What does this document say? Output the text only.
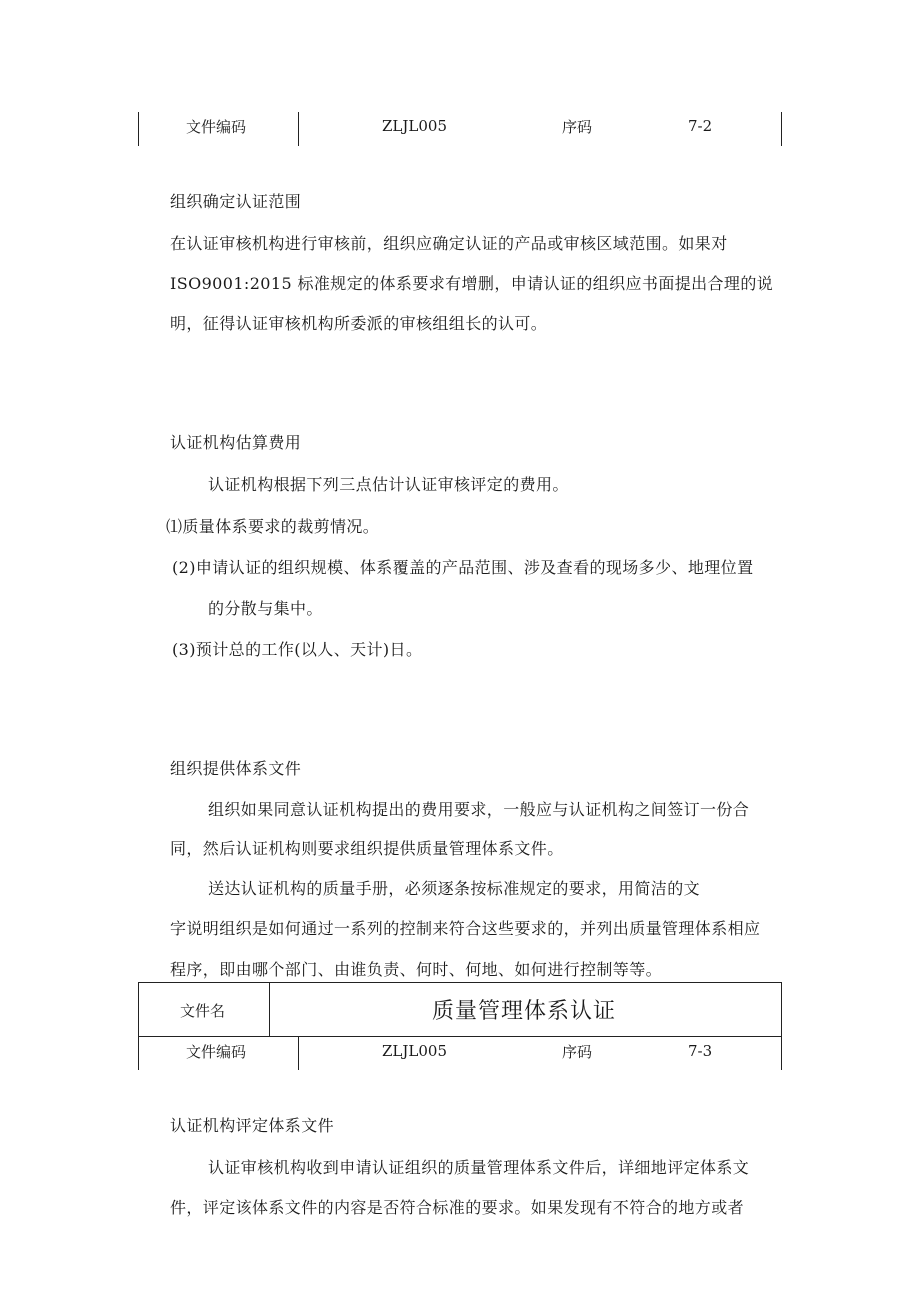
文件编码	ZLJL005	序码	7-2
组织确定认证范围
在认证审核机构进行审核前，组织应确定认证的产品或审核区域范围。如果对
ISO9001:2015 标准规定的体系要求有增删，申请认证的组织应书面提出合理的说
明，征得认证审核机构所委派的审核组组长的认可。
认证机构估算费用
认证机构根据下列三点估计认证审核评定的费用。
⑴质量体系要求的裁剪情况。
(2)申请认证的组织规模、体系覆盖的产品范围、涉及查看的现场多少、地理位置
的分散与集中。
(3)预计总的工作(以人、天计)日。
组织提供体系文件
组织如果同意认证机构提出的费用要求，一般应与认证机构之间签订一份合
同，然后认证机构则要求组织提供质量管理体系文件。
送达认证机构的质量手册，必须逐条按标准规定的要求，用简洁的文
字说明组织是如何通过一系列的控制来符合这些要求的，并列出质量管理体系相应
程序，即由哪个部门、由谁负责、何时、何地、如何进行控制等等。
文件名	质量管理体系认证
文件编码	ZLJL005	序码	7-3
认证机构评定体系文件
认证审核机构收到申请认证组织的质量管理体系文件后，详细地评定体系文
件，评定该体系文件的内容是否符合标准的要求。如果发现有不符合的地方或者
